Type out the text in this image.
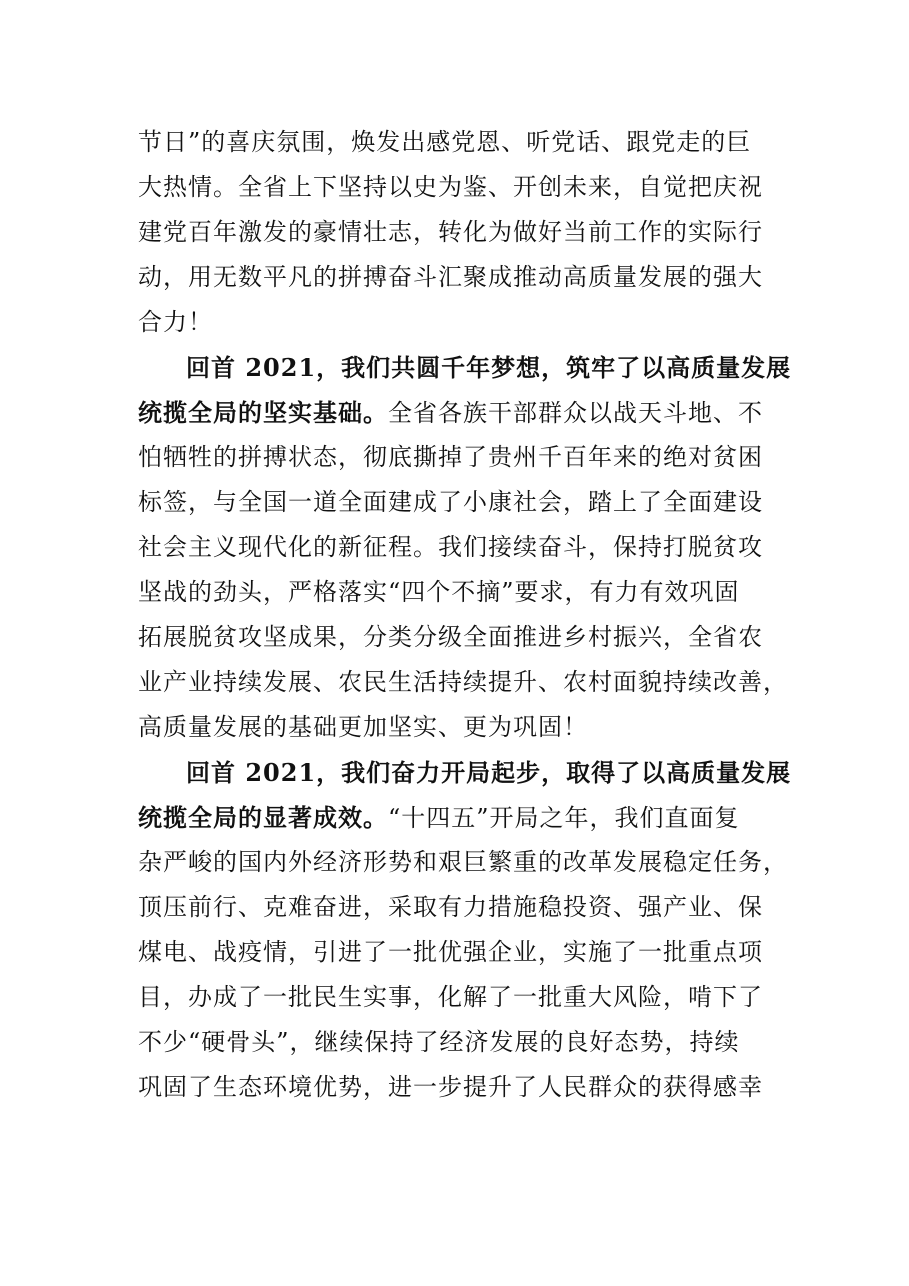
节日”的喜庆氛围，焕发出感党恩、听党话、跟党走的巨
大热情。全省上下坚持以史为鉴、开创未来，自觉把庆祝
建党百年激发的豪情壮志，转化为做好当前工作的实际行
动，用无数平凡的拼搏奋斗汇聚成推动高质量发展的强大
合力！
回首 2021，我们共圆千年梦想，筑牢了以高质量发展
统揽全局的坚实基础。全省各族干部群众以战天斗地、不
怕牺牲的拼搏状态，彻底撕掉了贵州千百年来的绝对贫困
标签，与全国一道全面建成了小康社会，踏上了全面建设
社会主义现代化的新征程。我们接续奋斗，保持打脱贫攻
坚战的劲头，严格落实“四个不摘”要求，有力有效巩固
拓展脱贫攻坚成果，分类分级全面推进乡村振兴，全省农
业产业持续发展、农民生活持续提升、农村面貌持续改善，
高质量发展的基础更加坚实、更为巩固！
回首 2021，我们奋力开局起步，取得了以高质量发展
统揽全局的显著成效。“十四五”开局之年，我们直面复
杂严峻的国内外经济形势和艰巨繁重的改革发展稳定任务，
顶压前行、克难奋进，采取有力措施稳投资、强产业、保
煤电、战疫情，引进了一批优强企业，实施了一批重点项
目，办成了一批民生实事，化解了一批重大风险，啃下了
不少“硬骨头”，继续保持了经济发展的良好态势，持续
巩固了生态环境优势，进一步提升了人民群众的获得感幸
